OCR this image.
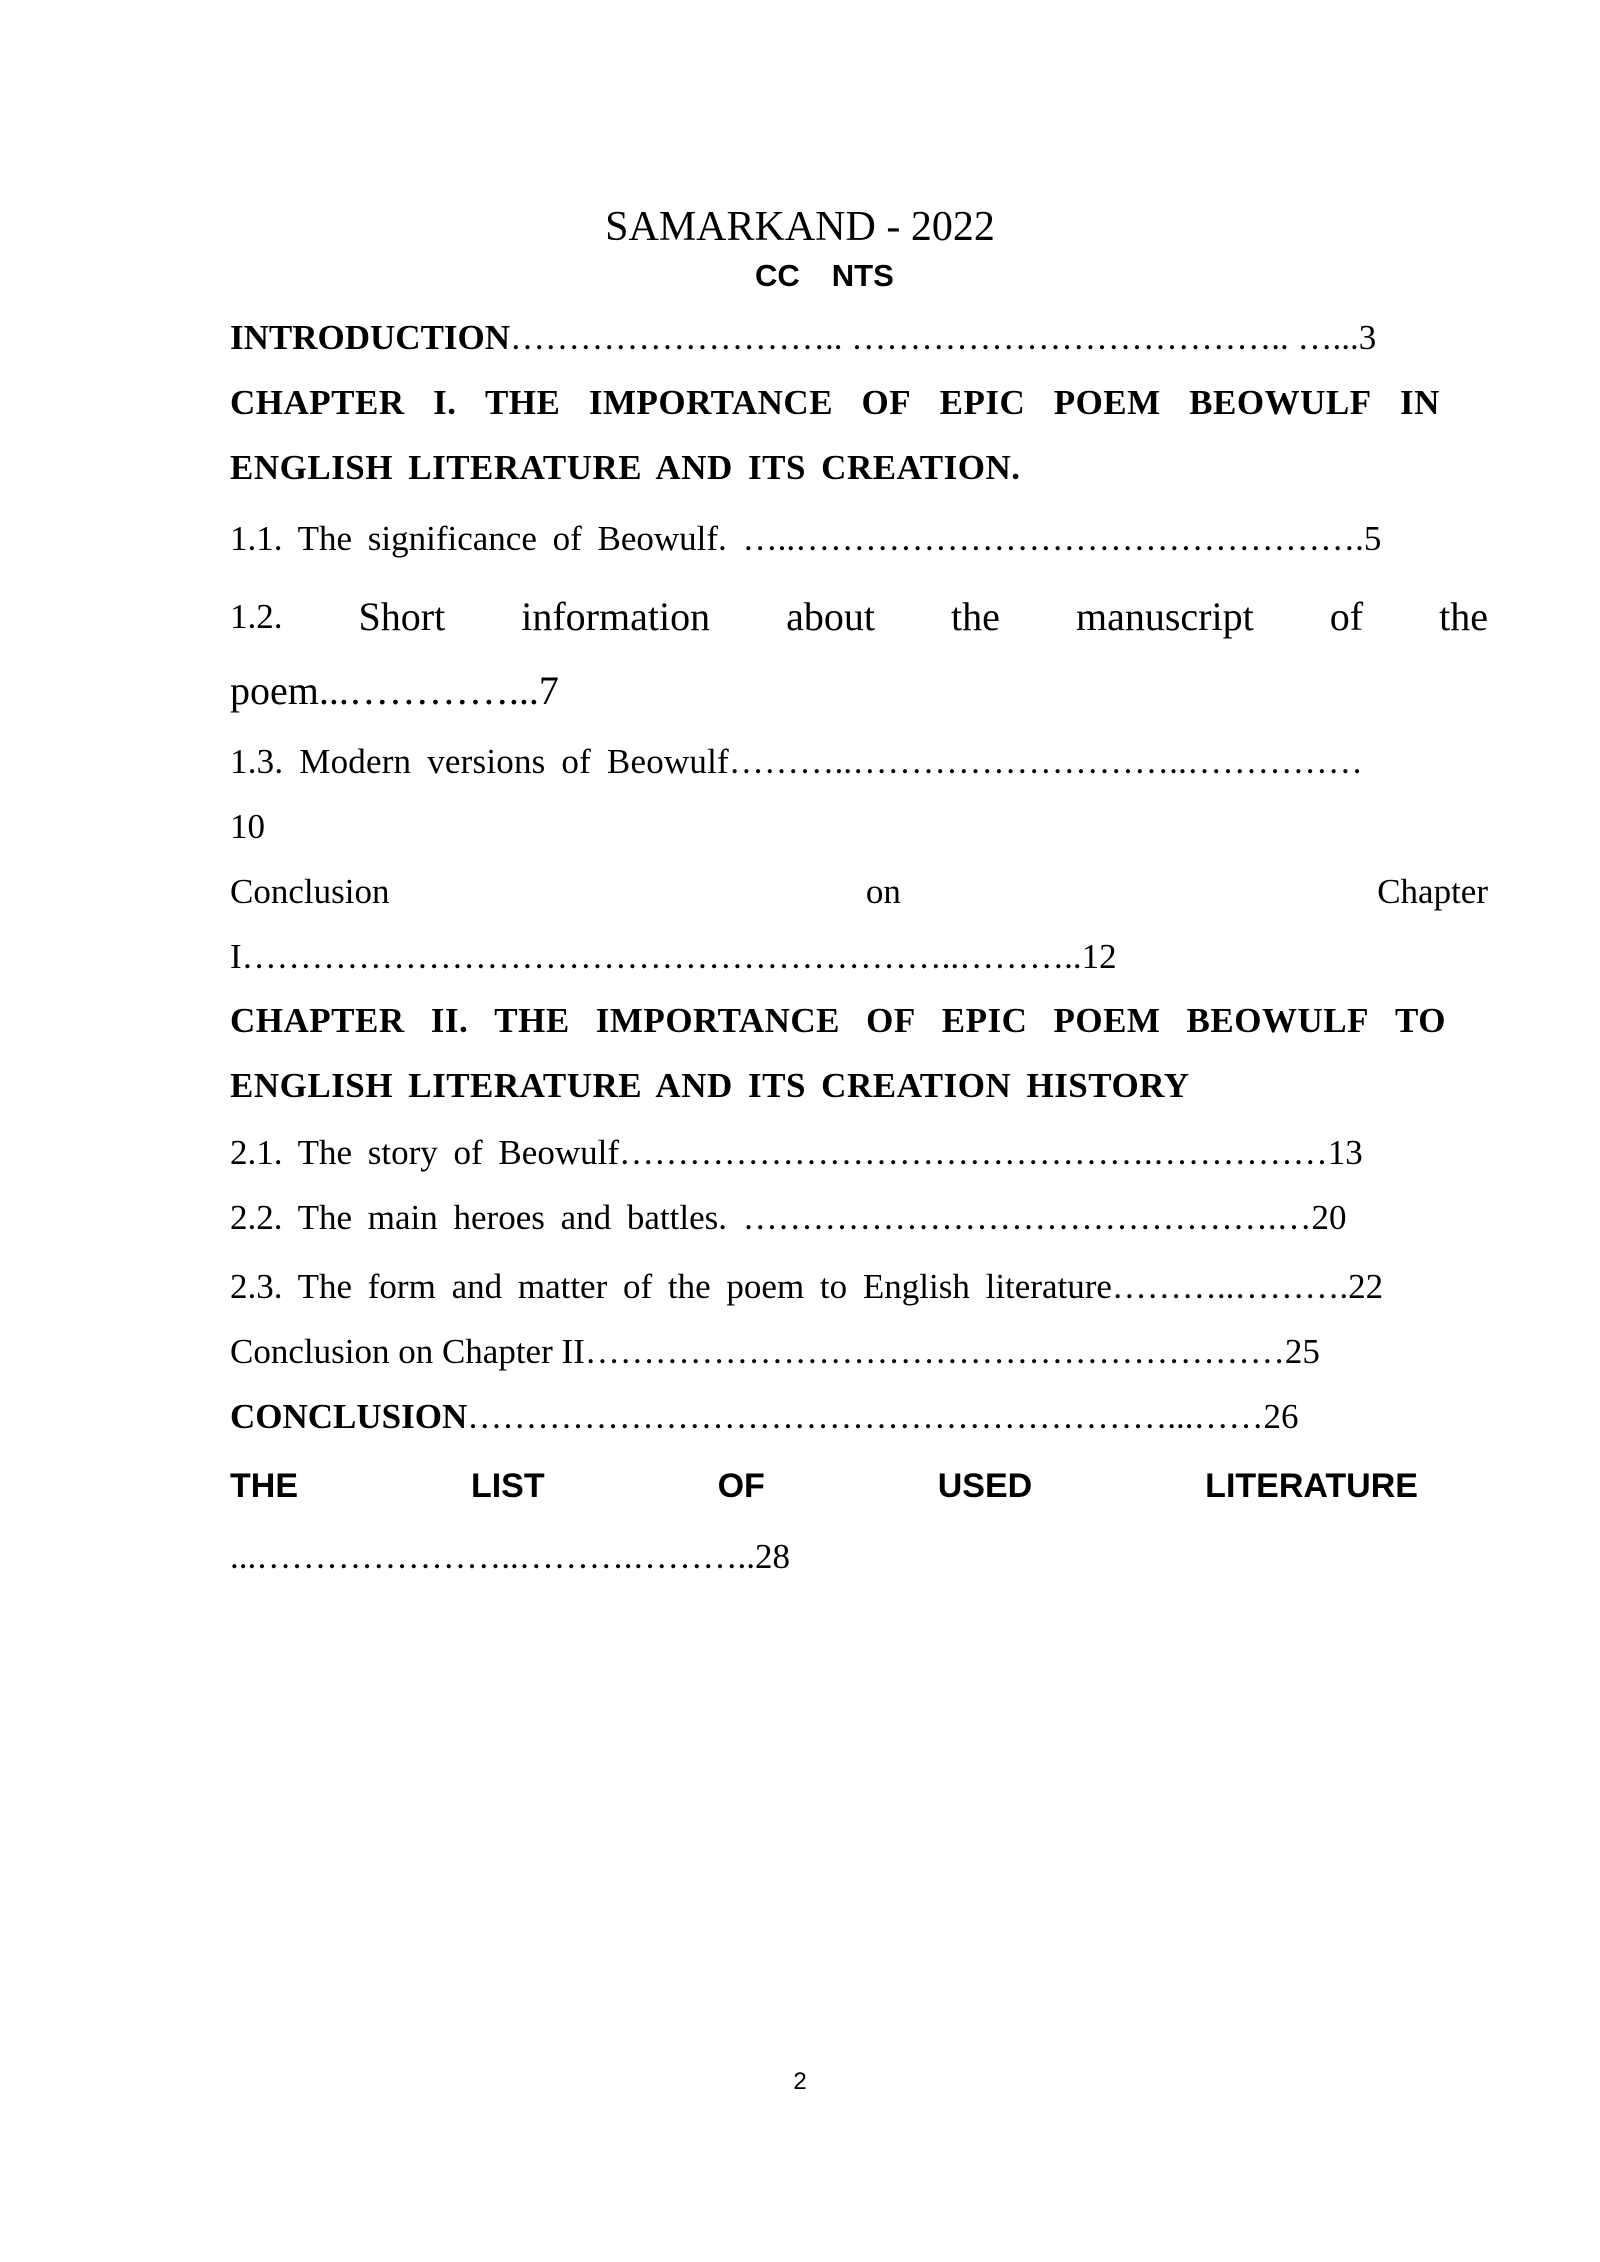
SAMARKAND - 2022
CC NTS
INTRODUCTION……………………….. ……………………………….. …...3
CHAPTER I. THE IMPORTANCE OF EPIC POEM BEOWULF IN
ENGLISH LITERATURE AND ITS CREATION.
1.1. The significance of Beowulf. …..………………………………………….5
1.2. Short information about the manuscript of the
poem...…………...7
1.3. Modern versions of Beowulf………..………………………..……………
10
Conclusion	on	Chapter
I……………………………………………………..………..12
CHAPTER II. THE IMPORTANCE OF EPIC POEM BEOWULF TO
ENGLISH LITERATURE AND ITS CREATION HISTORY
2.1. The story of Beowulf……………………………………….……………13
2.2. The main heroes and battles. ……………………………………….…20
2.3. The form and matter of the poem to English literature………..……….22
Conclusion on Chapter II……………………………………………………25
CONCLUSION……………………………………………………...……26
THE	LIST	OF	USED	LITERATURE
...…………………..……….………..28
2
